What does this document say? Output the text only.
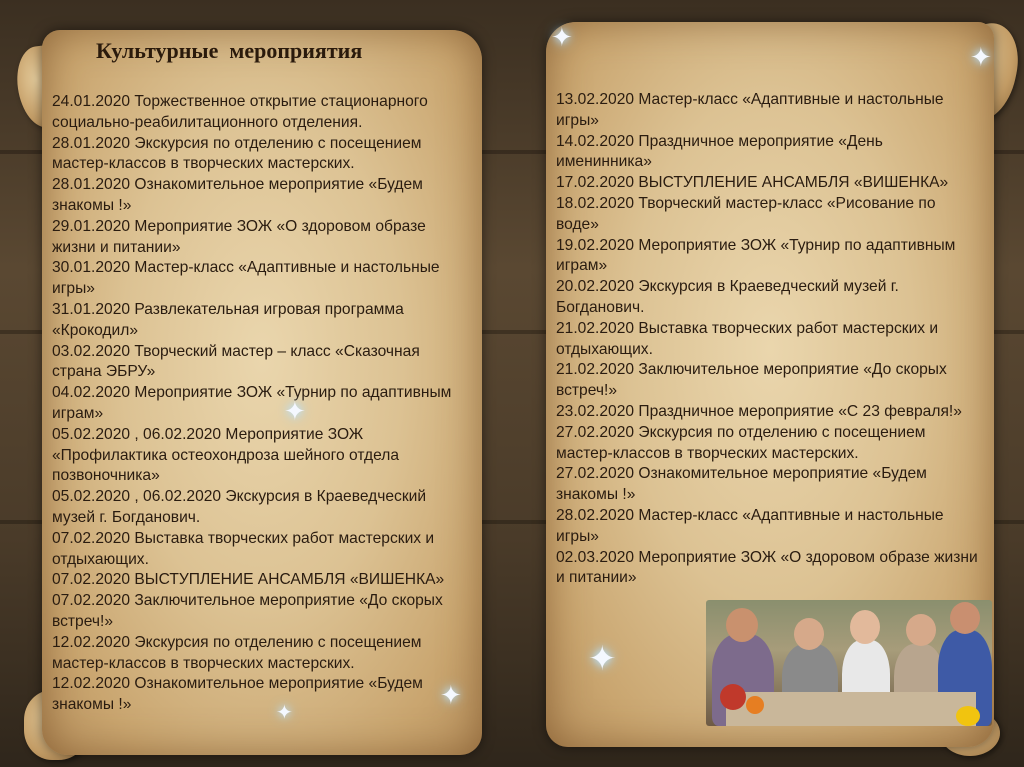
Культурные  мероприятия
24.01.2020 Торжественное открытие стационарного социально-реабилитационного отделения.
28.01.2020 Экскурсия по отделению с посещением мастер-классов в творческих мастерских.
28.01.2020 Ознакомительное мероприятие «Будем знакомы !»
29.01.2020 Мероприятие ЗОЖ «О здоровом образе жизни и питании»
30.01.2020 Мастер-класс «Адаптивные и настольные игры»
31.01.2020 Развлекательная игровая программа «Крокодил»
03.02.2020 Творческий мастер – класс «Сказочная страна ЭБРУ»
04.02.2020 Мероприятие ЗОЖ «Турнир по адаптивным играм»
05.02.2020 , 06.02.2020 Мероприятие ЗОЖ «Профилактика остеохондроза шейного отдела позвоночника»
05.02.2020 , 06.02.2020 Экскурсия в Краеведческий музей г. Богданович.
07.02.2020 Выставка творческих работ мастерских и отдыхающих.
07.02.2020 ВЫСТУПЛЕНИЕ АНСАМБЛЯ «ВИШЕНКА»
07.02.2020 Заключительное мероприятие «До скорых встреч!»
12.02.2020 Экскурсия по отделению с посещением мастер-классов в творческих мастерских.
12.02.2020 Ознакомительное мероприятие «Будем знакомы !»
13.02.2020 Мастер-класс «Адаптивные и настольные игры»
14.02.2020 Праздничное мероприятие «День именинника»
17.02.2020 ВЫСТУПЛЕНИЕ АНСАМБЛЯ «ВИШЕНКА»
18.02.2020 Творческий мастер-класс «Рисование по воде»
19.02.2020 Мероприятие ЗОЖ «Турнир по адаптивным играм»
20.02.2020 Экскурсия в Краеведческий музей г. Богданович.
21.02.2020 Выставка творческих работ мастерских и отдыхающих.
21.02.2020 Заключительное мероприятие «До скорых встреч!»
23.02.2020 Праздничное мероприятие «С 23 февраля!»
27.02.2020 Экскурсия по отделению с посещением мастер-классов в творческих мастерских.
27.02.2020 Ознакомительное мероприятие «Будем знакомы !»
28.02.2020 Мастер-класс «Адаптивные и настольные игры»
02.03.2020 Мероприятие ЗОЖ «О здоровом образе жизни и питании»
✦
✦
✦
✦
✦
✦
